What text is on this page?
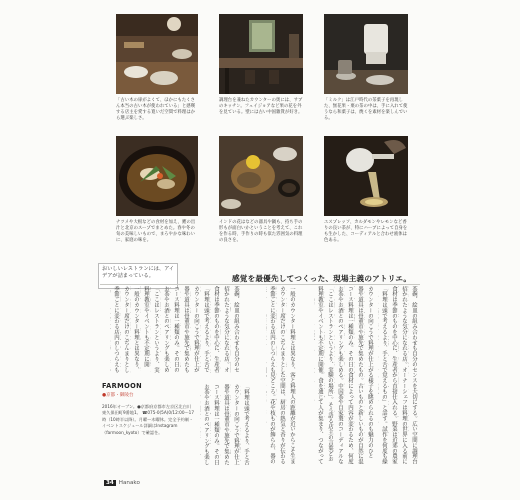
「古い木の扉がよくて、ほかにもたくさん本当の古い木が使われている」と感嘆する店主を愛する寛いだ空間で料理はから選ぶ楽しさ。
調理台を兼ねたカウンターの奥には、サブのキッチン。フェイジョアなど果の花を外を見ている。壁には古い中国雑貨が好き。
「ミルク」は江戸時代の茶菓子を再現した、無花果・栗の茶の中は、手に入れて使うなら和菓子は、焼くを素材を楽しんでいる。
ナツメや大根などの食材を加え、鰹の出汁と北京のスープでまとめた。春や冬の旬の美味しいもので、まろやかな味わいに、家庭の味を。
インドの花はなどの器具や鍋も、持ち手の形もが面白いかということを考えて、これを作る時、手作りの時も似た雰囲気の料理の良さを。
エスプレッソ、カルダモンやレモンなど香りの良い茶が、特にハーブによって自身をも生かした、コーディアルと合わせ液体は色ある。
おいしいレストランには、アイデアが詰まっている。	感覚を最優先してつくった、現場主義のアトリエ。
茶碗、絵皿の組み合わせも自分のセンスを大切にする。広い空間に調理台
招かれたような気分になれる店。オーナーシェフは料理の世界に入る前に
食材は季節のものを中心に、生産者から直接仕入れる。野菜は近郊の農家
「料理は頭で考えるより、手と舌で覚えるもの」と話す。試作を何度も繰
カウンターの向こうで料理が仕上がる様子を眺められるのも魅力のひと
器や道具は骨董市や旅先で集めたもの。古いものと新しいものが自然に混
コース料理は一種類のみ。その日の食材によって内容が変わるため、何度
お茶やお酒とのペアリングも楽しめる。中国茶や自家製のコーディアルな
「ここはレストランというより、実験の場所」。そう語る店主の言葉どお
料理教室やイベントも不定期に開催。食を通じて人が集まり、つながって
一般のカウンター料理とは異なり、客と料理人の距離が近いからこそ生ま
カウンター席だけのこぢんまりとした空間は、厨房の熱気と香りが伝わる
季節ごとに変わる店内のしつらえも見どころ。花や枝ものが飾られ、器の
茶碗、絵皿の組み合わせも自分のセ
招かれたような気分になれる店。オ
食材は季節のものを中心に、生産者
「料理は頭で考えるより、手と舌で
カウンターの向こうで料理が仕上が
器や道具は骨董市や旅先で集めたも
コース料理は一種類のみ。その日の
お茶やお酒とのペアリングも楽しめ
「ここはレストランというより、実
料理教室やイベントも不定期に開
一般のカウンター料理とは異なり、
カウンター席だけのこぢんまりとし
季節ごとに変わる店内のしつらえも
「料理は頭で考えるより、手と舌
カウンターの向こうで料理が仕上
器や道具は骨董市や旅先で集めた
コース料理は一種類のみ。その日
お茶やお酒とのペアリングも楽し
FARMOON
●京都・御陵台
2016年オープン。●京都府京都市左京区北白川東久保田町9番地1。 ☎075-0(5A)0/12:00〜17時（10時半以降）。月曜〜木曜休。完全予約制・イベントスケジュール詳細はInstagram（farmoon_kyoto）で確認を。
34 Hanako
